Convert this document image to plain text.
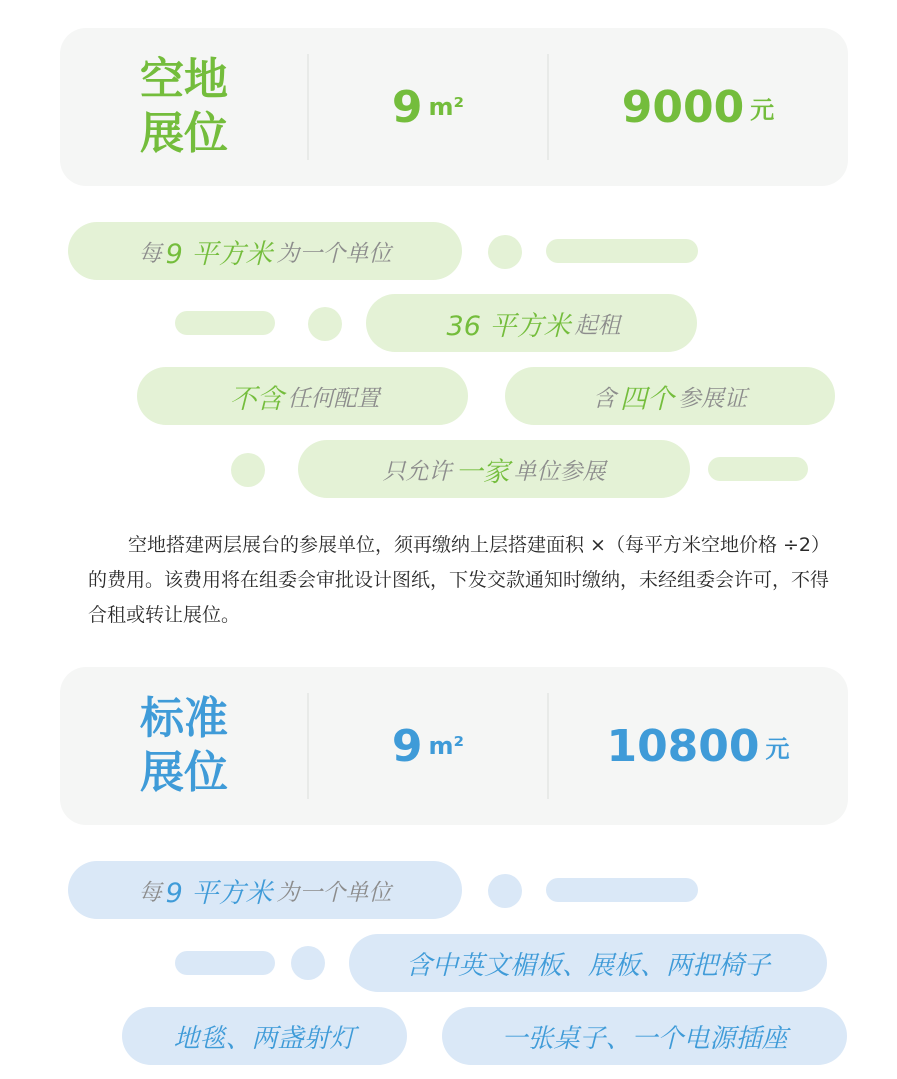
空地
展位
9 m²	9000 元
每 9 平方米 为一个单位
36 平方米 起租
不含 任何配置	含 四个 参展证
只允许 一家 单位参展

空地搭建两层展台的参展单位，须再缴纳上层搭建面积 ×（每平方米空地价格 ÷2）的费用。该费用将在组委会审批设计图纸，下发交款通知时缴纳，未经组委会许可，不得合租或转让展位。

标准
展位
9 m²	10800 元
每 9 平方米 为一个单位
含中英文楣板、展板、两把椅子
地毯、两盏射灯	一张桌子、一个电源插座
